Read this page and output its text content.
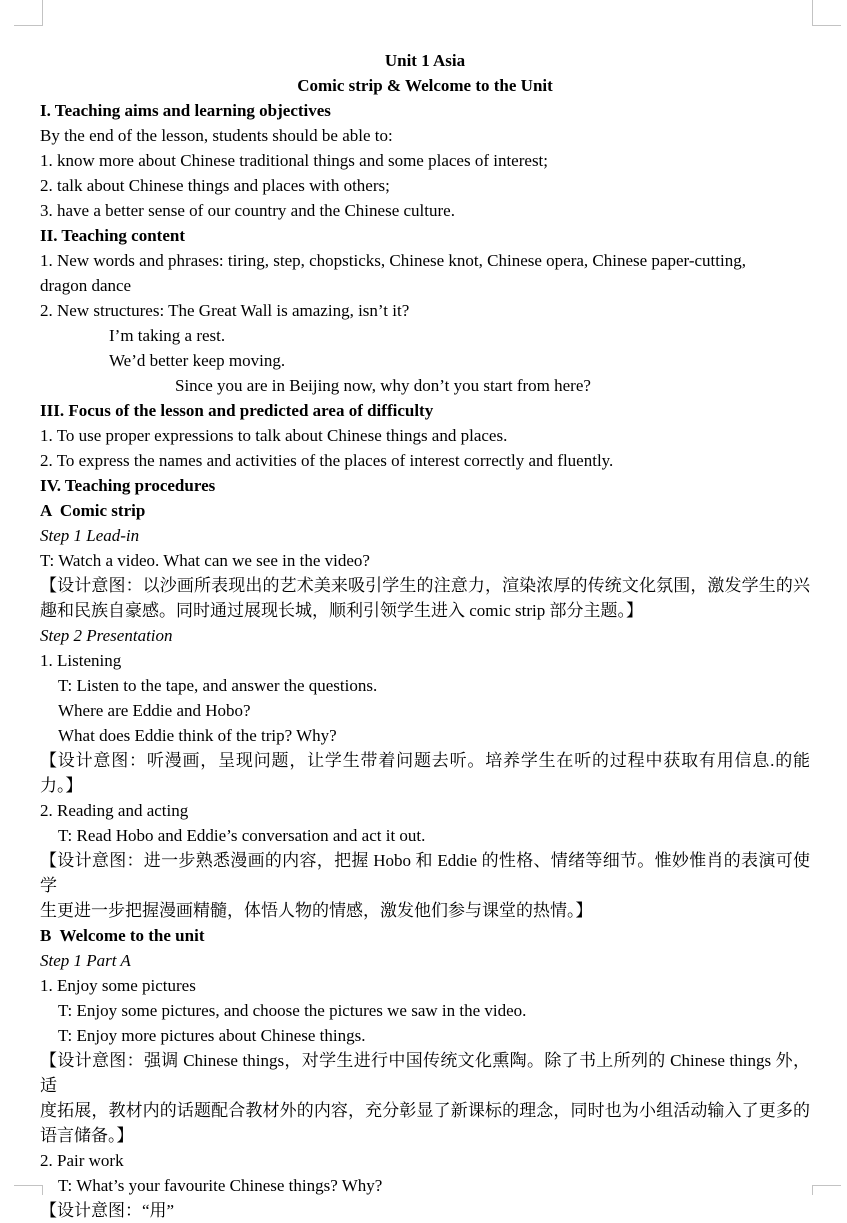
Unit 1 Asia
Comic strip & Welcome to the Unit
I. Teaching aims and learning objectives
By the end of the lesson, students should be able to:
1. know more about Chinese traditional things and some places of interest;
2. talk about Chinese things and places with others;
3. have a better sense of our country and the Chinese culture.
II. Teaching content
1. New words and phrases: tiring, step, chopsticks, Chinese knot, Chinese opera, Chinese paper-cutting,
dragon dance
2. New structures: The Great Wall is amazing, isn’t it?
I’m taking a rest.
We’d better keep moving.
Since you are in Beijing now, why don’t you start from here?
III. Focus of the lesson and predicted area of difficulty
1. To use proper expressions to talk about Chinese things and places.
2. To express the names and activities of the places of interest correctly and fluently.
IV. Teaching procedures
A  Comic strip
Step 1 Lead-in
T: Watch a video. What can we see in the video?
【设计意图：以沙画所表现出的艺术美来吸引学生的注意力，渲染浓厚的传统文化氛围，激发学生的兴
趣和民族自豪感。同时通过展现长城，顺利引领学生进入 comic strip 部分主题。】
Step 2 Presentation
1. Listening
T: Listen to the tape, and answer the questions.
Where are Eddie and Hobo?
What does Eddie think of the trip? Why?
【设计意图：听漫画，呈现问题，让学生带着问题去听。培养学生在听的过程中获取有用信息.的能
力。】
2. Reading and acting
T: Read Hobo and Eddie’s conversation and act it out.
【设计意图：进一步熟悉漫画的内容，把握 Hobo 和 Eddie 的性格、情绪等细节。惟妙惟肖的表演可使学
生更进一步把握漫画精髓，体悟人物的情感，激发他们参与课堂的热情。】
B  Welcome to the unit
Step 1 Part A
1. Enjoy some pictures
T: Enjoy some pictures, and choose the pictures we saw in the video.
T: Enjoy more pictures about Chinese things.
【设计意图：强调 Chinese things，对学生进行中国传统文化熏陶。除了书上所列的 Chinese things 外，适
度拓展，教材内的话题配合教材外的内容，充分彰显了新课标的理念，同时也为小组活动输入了更多的
语言储备。】
2. Pair work
T: What’s your favourite Chinese things? Why?
【设计意图：“用”
